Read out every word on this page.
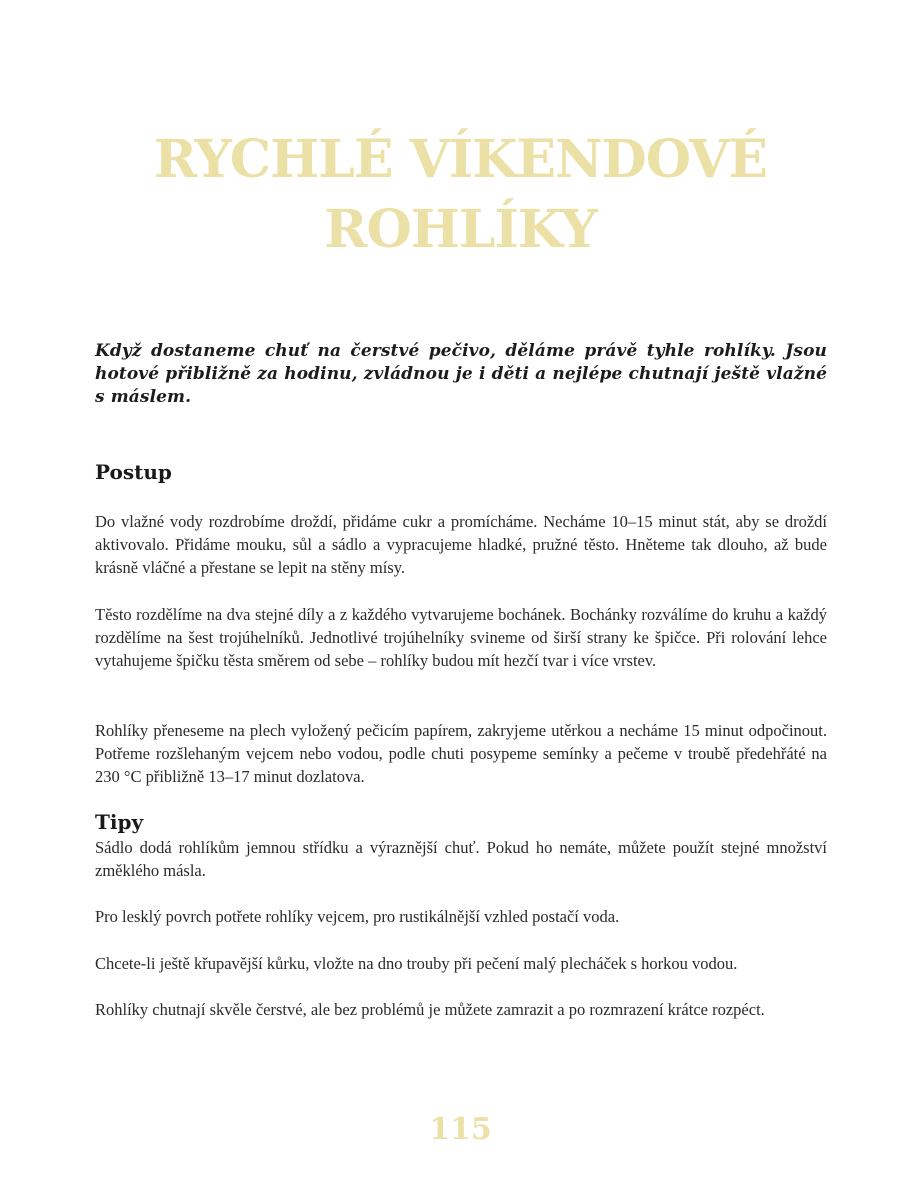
RYCHLÉ VÍKENDOVÉ
ROHLÍKY

Když dostaneme chuť na čerstvé pečivo, děláme právě tyhle rohlíky. Jsou hotové přibližně za hodinu, zvládnou je i děti a nejlépe chutnají ještě vlažné s máslem.

Postup

Do vlažné vody rozdrobíme droždí, přidáme cukr a promícháme. Necháme 10–15 minut stát, aby se droždí aktivovalo. Přidáme mouku, sůl a sádlo a vypracujeme hladké, pružné těsto. Hněteme tak dlouho, až bude krásně vláčné a přestane se lepit na stěny mísy.

Těsto rozdělíme na dva stejné díly a z každého vytvarujeme bochánek. Bochánky rozválíme do kruhu a každý rozdělíme na šest trojúhelníků. Jednotlivé trojúhelníky svineme od širší strany ke špičce. Při rolování lehce vytahujeme špičku těsta směrem od sebe – rohlíky budou mít hezčí tvar i více vrstev.

Rohlíky přeneseme na plech vyložený pečicím papírem, zakryjeme utěrkou a necháme 15 minut odpočinout. Potřeme rozšlehaným vejcem nebo vodou, podle chuti posypeme semínky a pečeme v troubě předehřáté na 230 °C přibližně 13–17 minut dozlatova.

Tipy

Sádlo dodá rohlíkům jemnou střídku a výraznější chuť. Pokud ho nemáte, můžete použít stejné množství změklého másla.

Pro lesklý povrch potřete rohlíky vejcem, pro rustikálnější vzhled postačí voda.

Chcete-li ještě křupavější kůrku, vložte na dno trouby při pečení malý plecháček s horkou vodou.

Rohlíky chutnají skvěle čerstvé, ale bez problémů je můžete zamrazit a po rozmrazení krátce rozpéct.

115
